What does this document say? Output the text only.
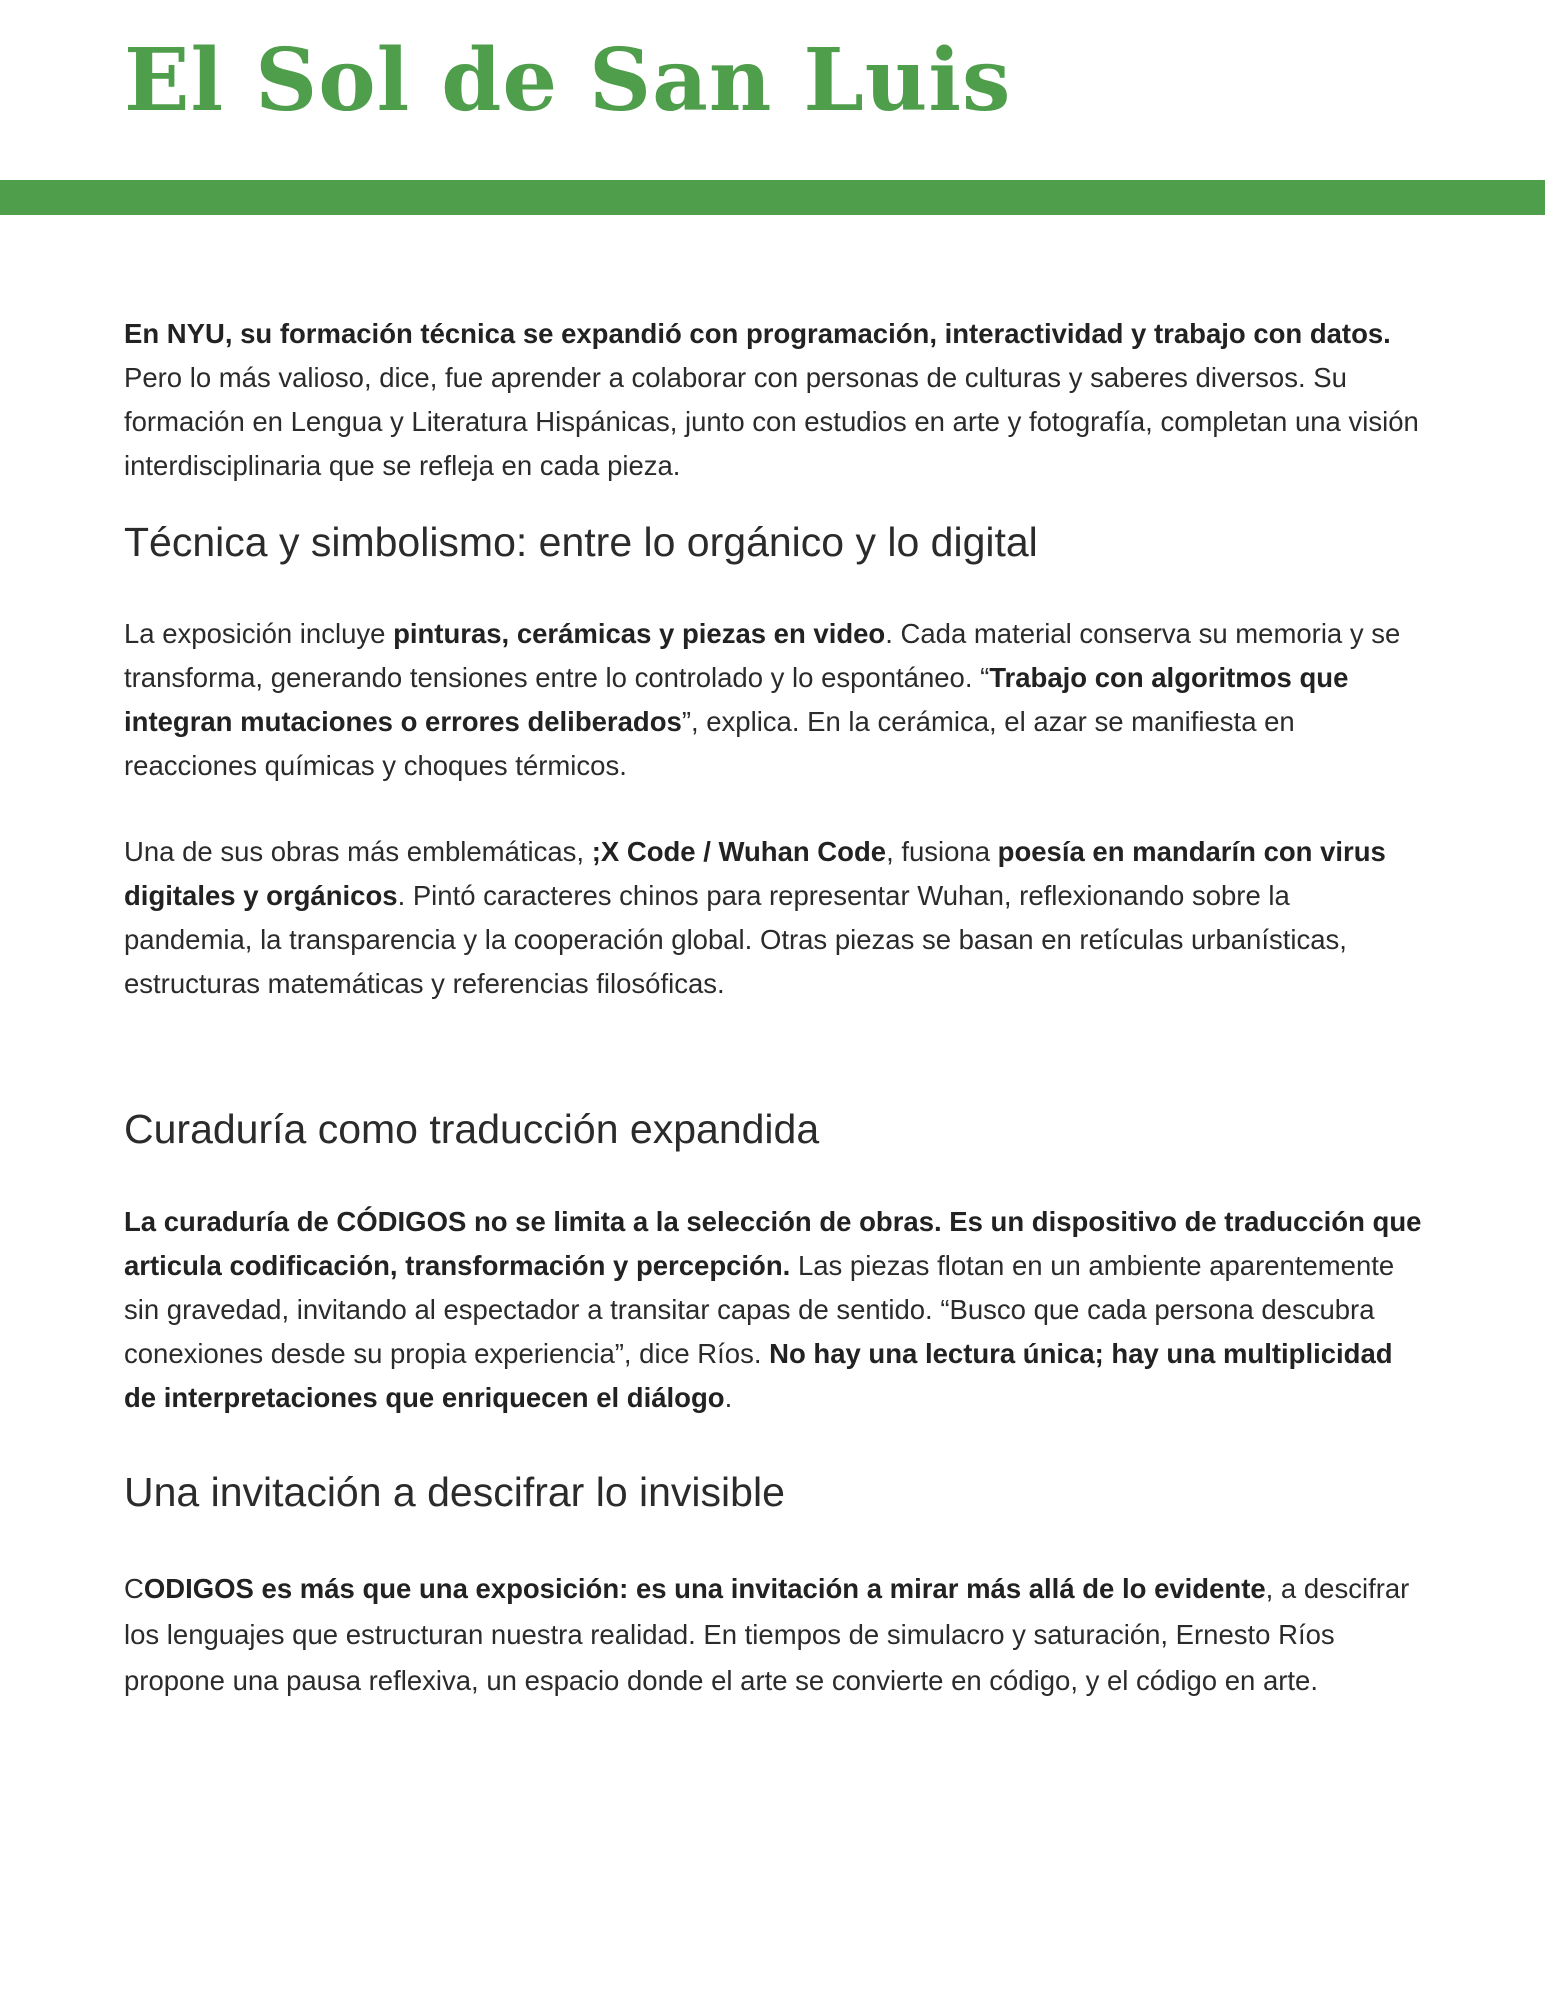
El Sol de San Luis

En NYU, su formación técnica se expandió con programación, interactividad y trabajo con datos. Pero lo más valioso, dice, fue aprender a colaborar con personas de culturas y saberes diversos. Su formación en Lengua y Literatura Hispánicas, junto con estudios en arte y fotografía, completan una visión interdisciplinaria que se refleja en cada pieza.

Técnica y simbolismo: entre lo orgánico y lo digital

La exposición incluye pinturas, cerámicas y piezas en video. Cada material conserva su memoria y se transforma, generando tensiones entre lo controlado y lo espontáneo. “Trabajo con algoritmos que integran mutaciones o errores deliberados”, explica. En la cerámica, el azar se manifiesta en reacciones químicas y choques térmicos.

Una de sus obras más emblemáticas, ;X Code / Wuhan Code, fusiona poesía en mandarín con virus digitales y orgánicos. Pintó caracteres chinos para representar Wuhan, reflexionando sobre la pandemia, la transparencia y la cooperación global. Otras piezas se basan en retículas urbanísticas, estructuras matemáticas y referencias filosóficas.

Curaduría como traducción expandida

La curaduría de CÓDIGOS no se limita a la selección de obras. Es un dispositivo de traducción que articula codificación, transformación y percepción. Las piezas flotan en un ambiente aparentemente sin gravedad, invitando al espectador a transitar capas de sentido. “Busco que cada persona descubra conexiones desde su propia experiencia”, dice Ríos. No hay una lectura única; hay una multiplicidad de interpretaciones que enriquecen el diálogo.

Una invitación a descifrar lo invisible

CODIGOS es más que una exposición: es una invitación a mirar más allá de lo evidente, a descifrar los lenguajes que estructuran nuestra realidad. En tiempos de simulacro y saturación, Ernesto Ríos propone una pausa reflexiva, un espacio donde el arte se convierte en código, y el código en arte.
